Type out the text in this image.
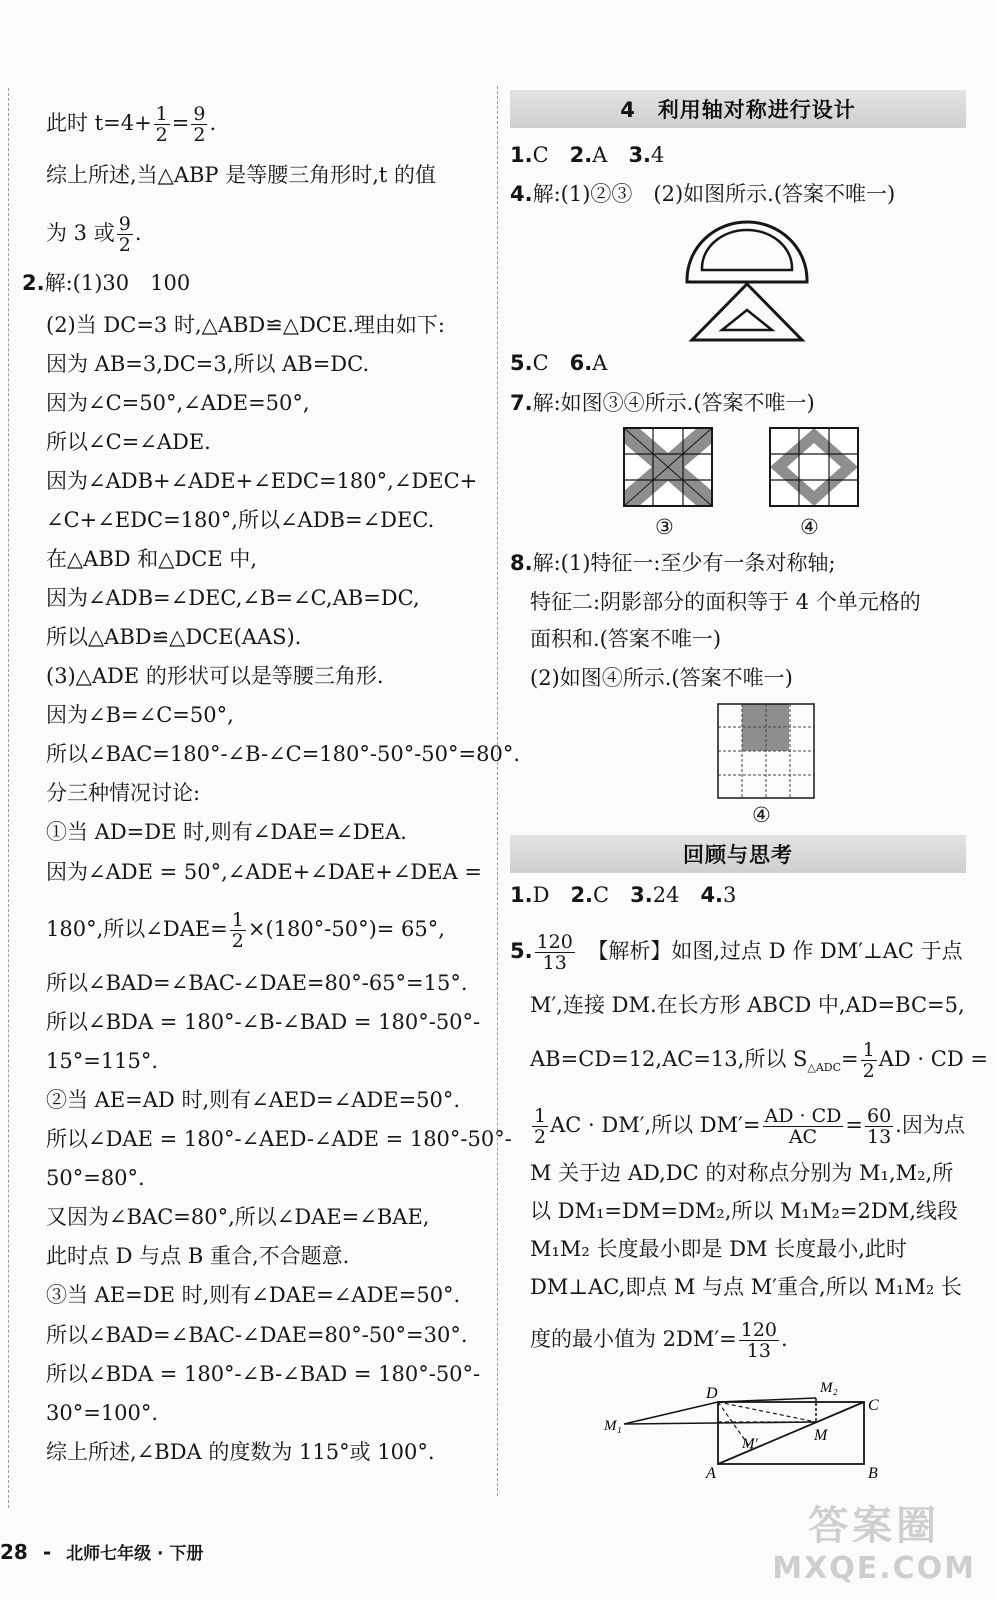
此时 $t=4+ \frac{1}{2} = \frac{9}{2}$ .
综上所述,当△ABP 是等腰三角形时,t 的值
为 3 或 $\frac{9}{2}$ .
2.解:(1)30　100
(2)当 DC=3 时,△ABD≌△DCE.理由如下:
因为 AB=3,DC=3,所以 AB=DC.
因为∠C=50°,∠ADE=50°,
所以∠C=∠ADE.
因为∠ADB+∠ADE+∠EDC=180°,∠DEC+
∠C+∠EDC=180°,所以∠ADB=∠DEC.
在△ABD 和△DCE 中,
因为∠ADB=∠DEC,∠B=∠C,AB=DC,
所以△ABD≌△DCE(AAS).
(3)△ADE 的形状可以是等腰三角形.
因为∠B=∠C=50°,
所以∠BAC=180°-∠B-∠C=180°-50°-50°=80°.
分三种情况讨论:
①当 AD=DE 时,则有∠DAE=∠DEA.
因为∠ADE = 50°,∠ADE+∠DAE+∠DEA =
180°,所以∠DAE= $\frac{1}{2} \times(180^\circ-50^\circ)= 65^\circ$,
所以∠BAD=∠BAC-∠DAE=80°-65°=15°.
所以∠BDA = 180°-∠B-∠BAD = 180°-50°-
15°=115°.
②当 AE=AD 时,则有∠AED=∠ADE=50°.
所以∠DAE = 180°-∠AED-∠ADE = 180°-50°-
50°=80°.
又因为∠BAC=80°,所以∠DAE=∠BAE,
此时点 D 与点 B 重合,不合题意.
③当 AE=DE 时,则有∠DAE=∠ADE=50°.
所以∠BAD=∠BAC-∠DAE=80°-50°=30°.
所以∠BDA = 180°-∠B-∠BAD = 180°-50°-
30°=100°.
综上所述,∠BDA 的度数为 115°或 100°.
4　利用轴对称进行设计
1.C　 2.A　 3.4
4.解:(1)②③　(2)如图所示.(答案不唯一)
5.C　 6.A
7.解:如图③④所示.(答案不唯一)
③	④
8.解:(1)特征一:至少有一条对称轴;
特征二:阴影部分的面积等于 4 个单元格的
面积和.(答案不唯一)
(2)如图④所示.(答案不唯一)
④
回顾与思考
1.D　 2.C　 3.24　 4.3
5. $\frac{120}{13}$
　 【解析】如图,过点 D 作 DM′⊥AC 于点
M′,连接 DM.在长方形 ABCD 中,AD=BC=5,
AB=CD=12,AC=13,所以 $S_{\triangle ADC}= \frac{1}{2}$ AD · CD =
$\frac{1}{2}$ AC · DM′,所以 $DM'= \frac{AD \cdot CD}{AC} = \frac{60}{13}$ .因为点
M 关于边 AD,DC 的对称点分别为 M₁,M₂,所
以 DM₁=DM=DM₂,所以 M₁M₂=2DM,线段
M₁M₂ 长度最小即是 DM 长度最小,此时
DM⊥AC,即点 M 与点 M′重合,所以 M₁M₂ 长
度的最小值为 $2DM'= \frac{120}{13}$ .
D	M₂
C
M₁
M′	M
A	B
28 - 北师七年级 · 下册
答案圈
MXQE.COM
